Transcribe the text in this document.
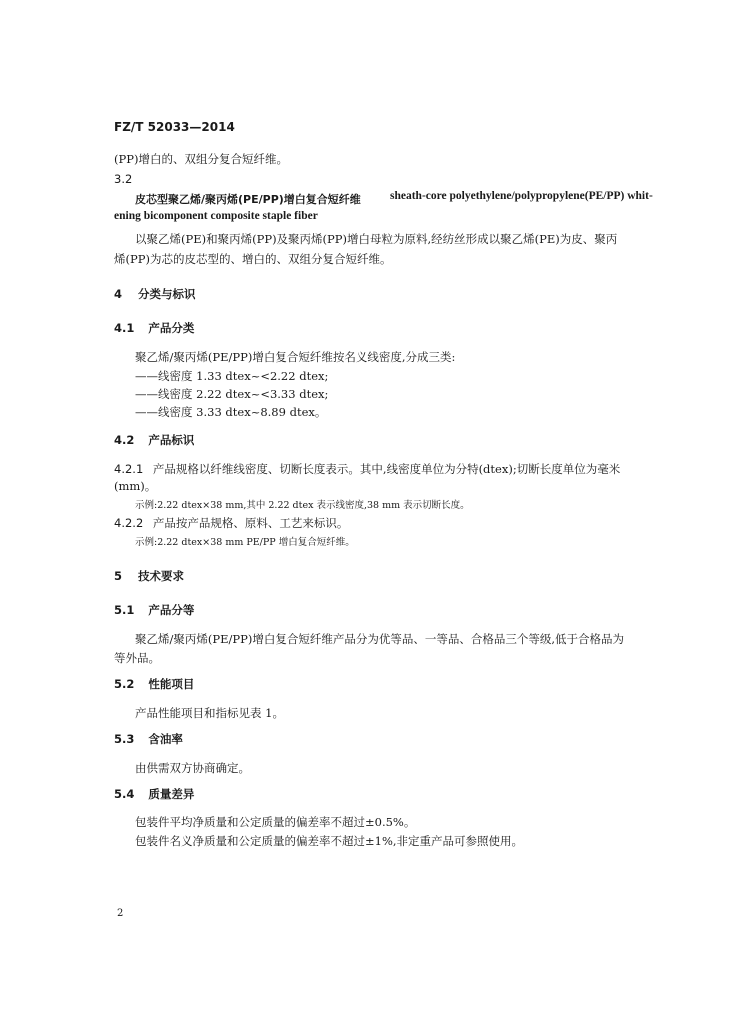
FZ/T 52033—2014
(PP)增白的、双组分复合短纤维。
3.2
皮芯型聚乙烯/聚丙烯(PE/PP)增白复合短纤维	sheath-core polyethylene/polypropylene(PE/PP) whit-
ening bicomponent composite staple fiber
以聚乙烯(PE)和聚丙烯(PP)及聚丙烯(PP)增白母粒为原料,经纺丝形成以聚乙烯(PE)为皮、聚丙
烯(PP)为芯的皮芯型的、增白的、双组分复合短纤维。
4 分类与标识
4.1 产品分类
聚乙烯/聚丙烯(PE/PP)增白复合短纤维按名义线密度,分成三类:
——线密度 1.33 dtex~<2.22 dtex;
——线密度 2.22 dtex~<3.33 dtex;
——线密度 3.33 dtex~8.89 dtex。
4.2 产品标识
4.2.1 产品规格以纤维线密度、切断长度表示。其中,线密度单位为分特(dtex);切断长度单位为毫米
(mm)。
示例:2.22 dtex×38 mm,其中 2.22 dtex 表示线密度,38 mm 表示切断长度。
4.2.2 产品按产品规格、原料、工艺来标识。
示例:2.22 dtex×38 mm PE/PP 增白复合短纤维。
5 技术要求
5.1 产品分等
聚乙烯/聚丙烯(PE/PP)增白复合短纤维产品分为优等品、一等品、合格品三个等级,低于合格品为
等外品。
5.2 性能项目
产品性能项目和指标见表 1。
5.3 含油率
由供需双方协商确定。
5.4 质量差异
包装件平均净质量和公定质量的偏差率不超过±0.5%。
包装件名义净质量和公定质量的偏差率不超过±1%,非定重产品可参照使用。
2
